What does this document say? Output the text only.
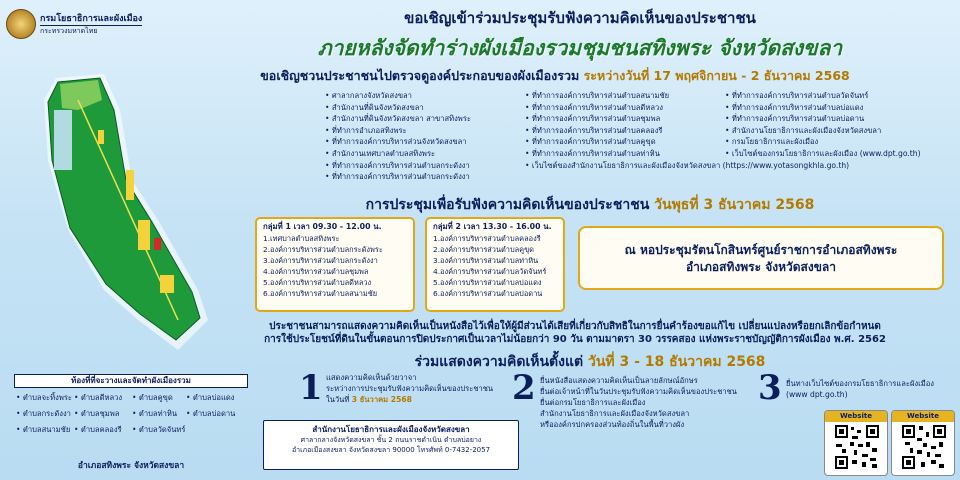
กรมโยธาธิการและผังเมือง
กระทรวงมหาดไทย
ขอเชิญเข้าร่วมประชุมรับฟังความคิดเห็นของประชาชน
ภายหลังจัดทำร่างผังเมืองรวมชุมชนสทิงพระ จังหวัดสงขลา
ขอเชิญชวนประชาชนไปตรวจดูองค์ประกอบของผังเมืองรวม ระหว่างวันที่ 17 พฤศจิกายน - 2 ธันวาคม 2568
• ศาลากลางจังหวัดสงขลา
• สำนักงานที่ดินจังหวัดสงขลา
• สำนักงานที่ดินจังหวัดสงขลา สาขาสทิงพระ
• ที่ทำการอำเภอสทิงพระ
• ที่ทำการองค์การบริหารส่วนจังหวัดสงขลา
• สำนักงานเทศบาลตำบลสทิงพระ
• ที่ทำการองค์การบริหารส่วนตำบลกระดังงา
• ที่ทำการองค์การบริหารส่วนตำบลกระดังงา
• ที่ทำการองค์การบริหารส่วนตำบลสนามชัย
• ที่ทำการองค์การบริหารส่วนตำบลดีหลวง
• ที่ทำการองค์การบริหารส่วนตำบลชุมพล
• ที่ทำการองค์การบริหารส่วนตำบลคลองรี
• ที่ทำการองค์การบริหารส่วนตำบลคูขุด
• ที่ทำการองค์การบริหารส่วนตำบลท่าหิน
• เว็บไซต์ของสำนักงานโยธาธิการและผังเมืองจังหวัดสงขลา (https://www.yotasongkhla.go.th)
• ที่ทำการองค์การบริหารส่วนตำบลวัดจันทร์
• ที่ทำการองค์การบริหารส่วนตำบลบ่อแดง
• ที่ทำการองค์การบริหารส่วนตำบลบ่อดาน
• สำนักงานโยธาธิการและผังเมืองจังหวัดสงขลา
• กรมโยธาธิการและผังเมือง
• เว็บไซต์ของกรมโยธาธิการและผังเมือง (www.dpt.go.th)
การประชุมเพื่อรับฟังความคิดเห็นของประชาชน วันพุธที่ 3 ธันวาคม 2568
กลุ่มที่ 1 เวลา 09.30 - 12.00 น.
1.เทศบาลตำบลสทิงพระ
2.องค์การบริหารส่วนตำบลกระดังพระ
3.องค์การบริหารส่วนตำบลกระดังงา
4.องค์การบริหารส่วนตำบลชุมพล
5.องค์การบริหารส่วนตำบลดีหลวง
6.องค์การบริหารส่วนตำบลสนามชัย
กลุ่มที่ 2 เวลา 13.30 - 16.00 น.
1.องค์การบริหารส่วนตำบลคลองรี
2.องค์การบริหารส่วนตำบลคูขุด
3.องค์การบริหารส่วนตำบลท่าหิน
4.องค์การบริหารส่วนตำบลวัดจันทร์
5.องค์การบริหารส่วนตำบลบ่อแดง
6.องค์การบริหารส่วนตำบลบ่อดาน
ณ หอประชุมรัตนโกสินทร์ศูนย์ราชการอำเภอสทิงพระ
อำเภอสทิงพระ จังหวัดสงขลา
ประชาชนสามารถแสดงความคิดเห็นเป็นหนังสือไว้เพื่อให้ผู้มีส่วนได้เสียที่เกี่ยวกับสิทธิในการยื่นคำร้องขอแก้ไข เปลี่ยนแปลงหรือยกเลิกข้อกำหนด
การใช้ประโยชน์ที่ดินในขั้นตอนการปิดประกาศเป็นเวลาไม่น้อยกว่า 90 วัน ตามมาตรา 30 วรรคสอง แห่งพระราชบัญญัติการผังเมือง พ.ศ. 2562
ร่วมแสดงความคิดเห็นตั้งแต่ วันที่ 3 - 18 ธันวาคม 2568
1 แสดงความคิดเห็นด้วยวาจา
ระหว่างการประชุมรับฟังความคิดเห็นของประชาชน
ในวันที่ 3 ธันวาคม 2568	2 ยื่นหนังสือแสดงความคิดเห็นเป็นลายลักษณ์อักษร
ยื่นต่อเจ้าหน้าที่ในวันประชุมรับฟังความคิดเห็นของประชาชน
ยื่นต่อกรมโยธาธิการและผังเมือง
สำนักงานโยธาธิการและผังเมืองจังหวัดสงขลา
หรือองค์กรปกครองส่วนท้องถิ่นในพื้นที่วางผัง
3 ยื่นทางเว็บไซต์ของกรมโยธาธิการและผังเมือง
(www dpt.go.th)
ท้องที่ที่จะวางและจัดทำผังเมืองรวม
• ตำบลจะทิ้งพระ	• ตำบลดีหลวง	• ตำบลคูขุด	• ตำบลบ่อแดง
• ตำบลกระดังงา	• ตำบลชุมพล	• ตำบลท่าหิน	• ตำบลบ่อดาน
• ตำบลสนามชัย	• ตำบลคลองรี	• ตำบลวัดจันทร์
อำเภอสทิงพระ จังหวัดสงขลา
สำนักงานโยธาธิการและผังเมืองจังหวัดสงขลา
ศาลากลางจังหวัดสงขลา ชั้น 2 ถนนราชดำเนิน ตำบลบ่อยาง
อำเภอเมืองสงขลา จังหวัดสงขลา 90000 โทรศัพท์ 0-7432-2057
Website	Website
